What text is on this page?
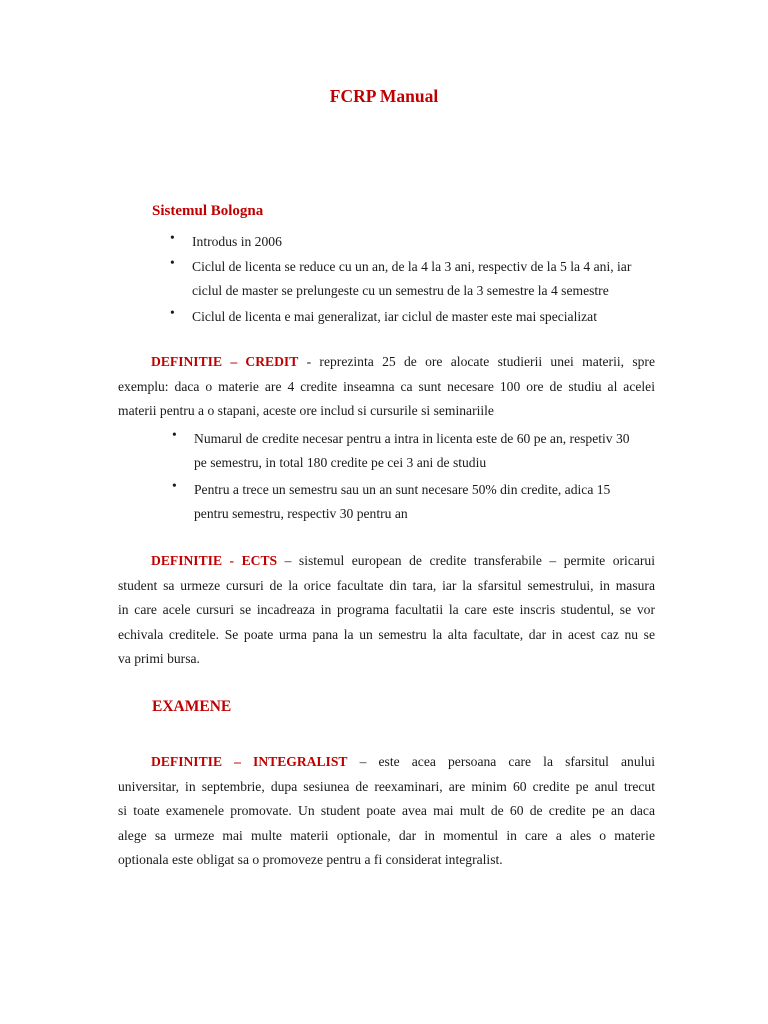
FCRP Manual
Sistemul Bologna
• Introdus in 2006
• Ciclul de licenta se reduce cu un an, de la 4 la 3 ani, respectiv de la 5 la 4 ani, iar
ciclul de master se prelungeste cu un semestru de la 3 semestre la 4 semestre
• Ciclul de licenta e mai generalizat, iar ciclul de master este mai specializat
DEFINITIE – CREDIT - reprezinta 25 de ore alocate studierii unei materii, spre
exemplu: daca o materie are 4 credite inseamna ca sunt necesare 100 ore de studiu al acelei
materii pentru a o stapani, aceste ore includ si cursurile si seminariile
• Numarul de credite necesar pentru a intra in licenta este de 60 pe an, respetiv 30
pe semestru, in total 180 credite pe cei 3 ani de studiu
• Pentru a trece un semestru sau un an sunt necesare 50% din credite, adica 15
pentru semestru, respectiv 30 pentru an
DEFINITIE - ECTS – sistemul european de credite transferabile – permite oricarui
student sa urmeze cursuri de la orice facultate din tara, iar la sfarsitul semestrului, in masura
in care acele cursuri se incadreaza in programa facultatii la care este inscris studentul, se vor
echivala creditele. Se poate urma pana la un semestru la alta facultate, dar in acest caz nu se
va primi bursa.
EXAMENE
DEFINITIE – INTEGRALIST – este acea persoana care la sfarsitul anului
universitar, in septembrie, dupa sesiunea de reexaminari, are minim 60 credite pe anul trecut
si toate examenele promovate. Un student poate avea mai mult de 60 de credite pe an daca
alege sa urmeze mai multe materii optionale, dar in momentul in care a ales o materie
optionala este obligat sa o promoveze pentru a fi considerat integralist.
